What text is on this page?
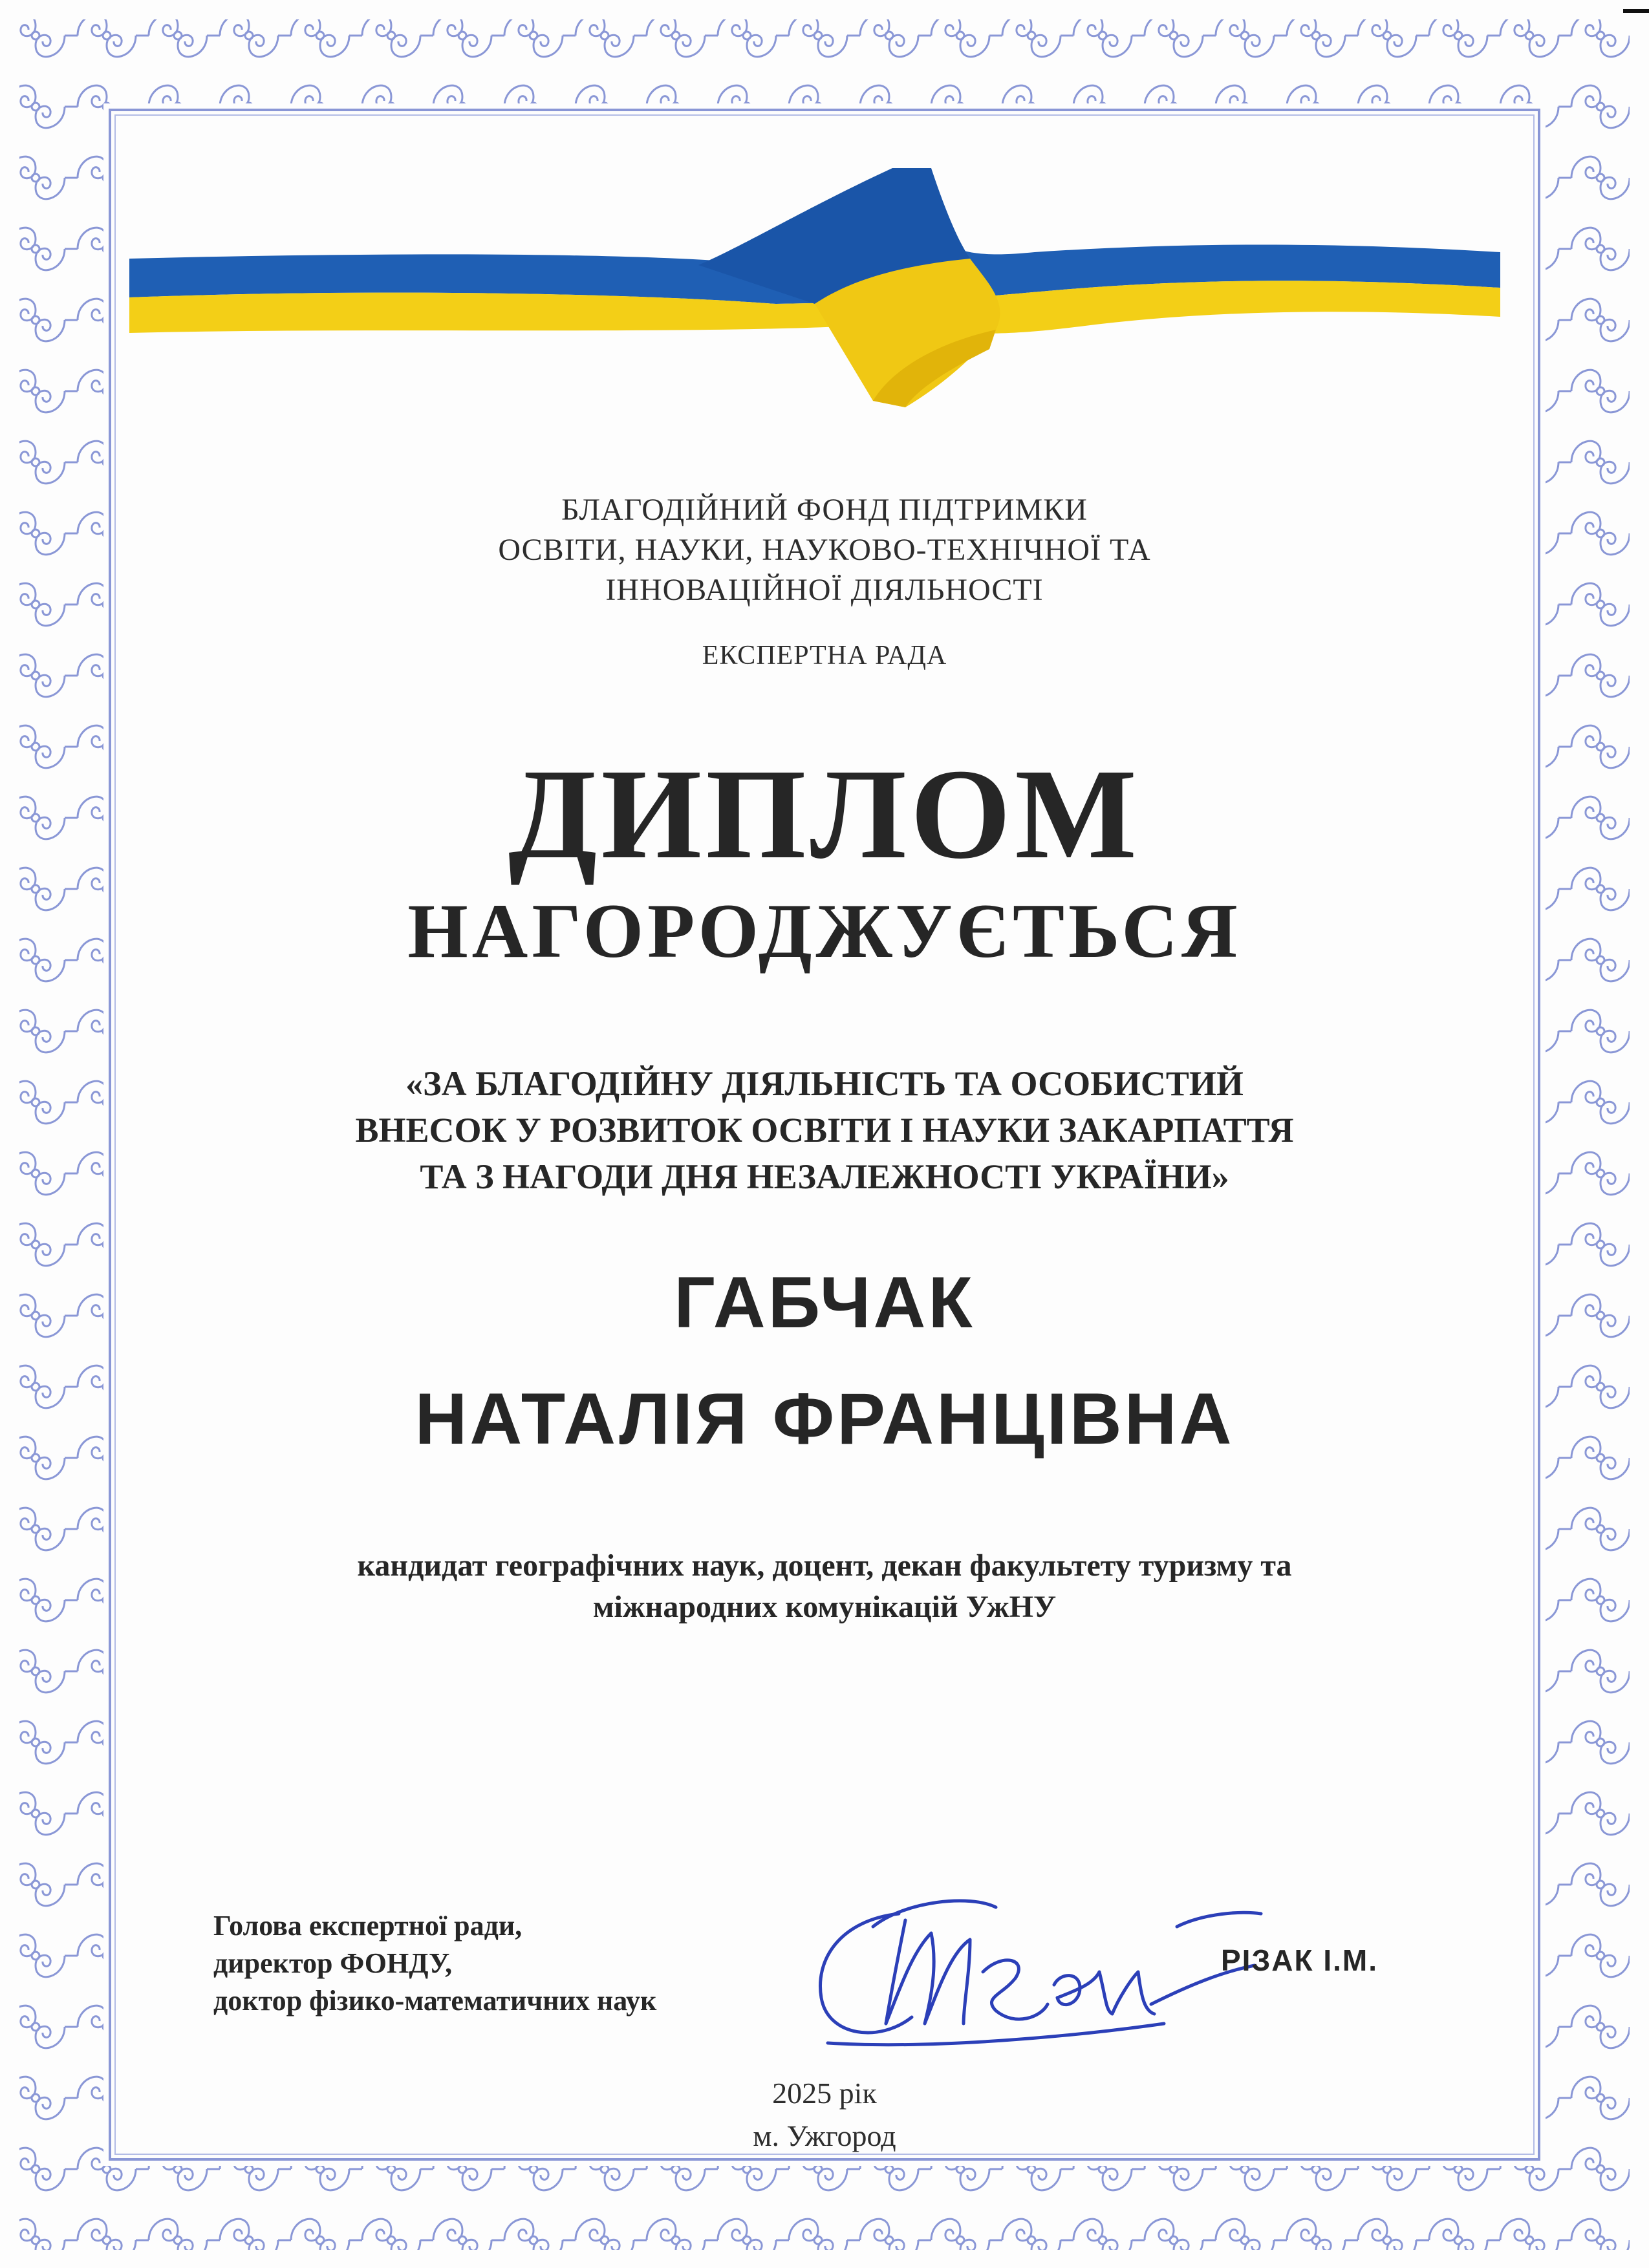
БЛАГОДІЙНИЙ ФОНД ПІДТРИМКИ
ОСВІТИ, НАУКИ, НАУКОВО-ТЕХНІЧНОЇ ТА
ІННОВАЦІЙНОЇ ДІЯЛЬНОСТІ
ЕКСПЕРТНА РАДА
ДИПЛОМ
НАГОРОДЖУЄТЬСЯ
«ЗА БЛАГОДІЙНУ ДІЯЛЬНІСТЬ ТА ОСОБИСТИЙ
ВНЕСОК У РОЗВИТОК ОСВІТИ І НАУКИ ЗАКАРПАТТЯ
ТА З НАГОДИ ДНЯ НЕЗАЛЕЖНОСТІ УКРАЇНИ»
ГАБЧАК
НАТАЛІЯ ФРАНЦІВНА
кандидат географічних наук, доцент, декан факультету туризму та
міжнародних комунікацій УжНУ
Голова експертної ради,
директор ФОНДУ,
доктор фізико-математичних наук
РІЗАК І.М.
2025 рік
м. Ужгород
